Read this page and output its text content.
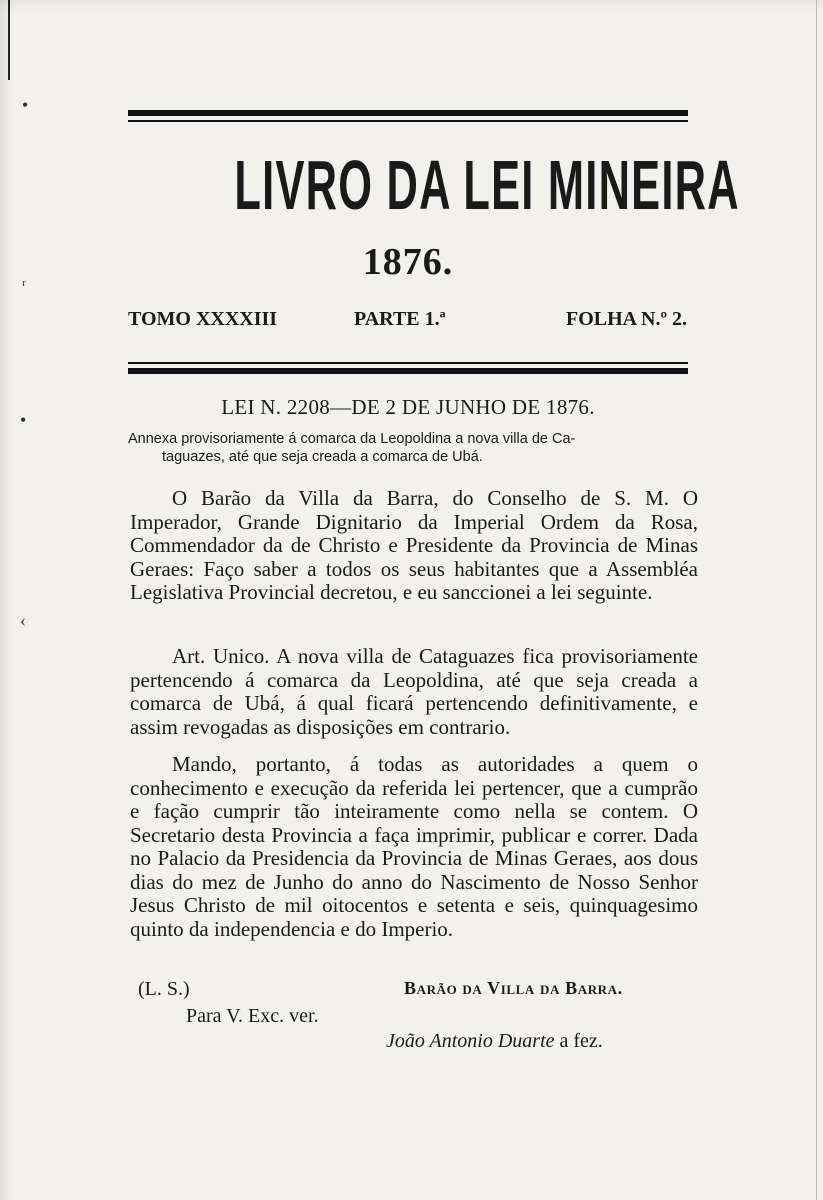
•
ʳ
•
‹
LIVRO DA LEI MINEIRA
1876.
TOMO XXXXIII	PARTE 1.ª	FOLHA N.º 2.
LEI N. 2208—DE 2 DE JUNHO DE 1876.
Annexa provisoriamente á comarca da Leopoldina a nova villa de Ca-
taguazes, até que seja creada a comarca de Ubá.

O Barão da Villa da Barra, do Conselho de S. M. O Imperador, Grande Dignitario da Imperial Ordem da Rosa, Commendador da de Christo e Presidente da Provincia de Minas Geraes: Faço saber a todos os seus habitantes que a Assembléa Legislativa Provincial decretou, e eu sanccionei a lei seguinte.

Art. Unico. A nova villa de Cataguazes fica provisoriamente pertencendo á comarca da Leopoldina, até que seja creada a comarca de Ubá, á qual ficará pertencendo definitivamente, e assim revogadas as disposições em contrario.

Mando, portanto, á todas as autoridades a quem o conhecimento e execução da referida lei pertencer, que a cumprão e fação cumprir tão inteiramente como nella se contem. O Secretario desta Provincia a faça imprimir, publicar e correr. Dada no Palacio da Presidencia da Provincia de Minas Geraes, aos dous dias do mez de Junho do anno do Nascimento de Nosso Senhor Jesus Christo de mil oitocentos e setenta e seis, quinquagesimo quinto da independencia e do Imperio.

(L. S.)	Barão da Villa da Barra.
Para V. Exc. ver.
João Antonio Duarte a fez.
